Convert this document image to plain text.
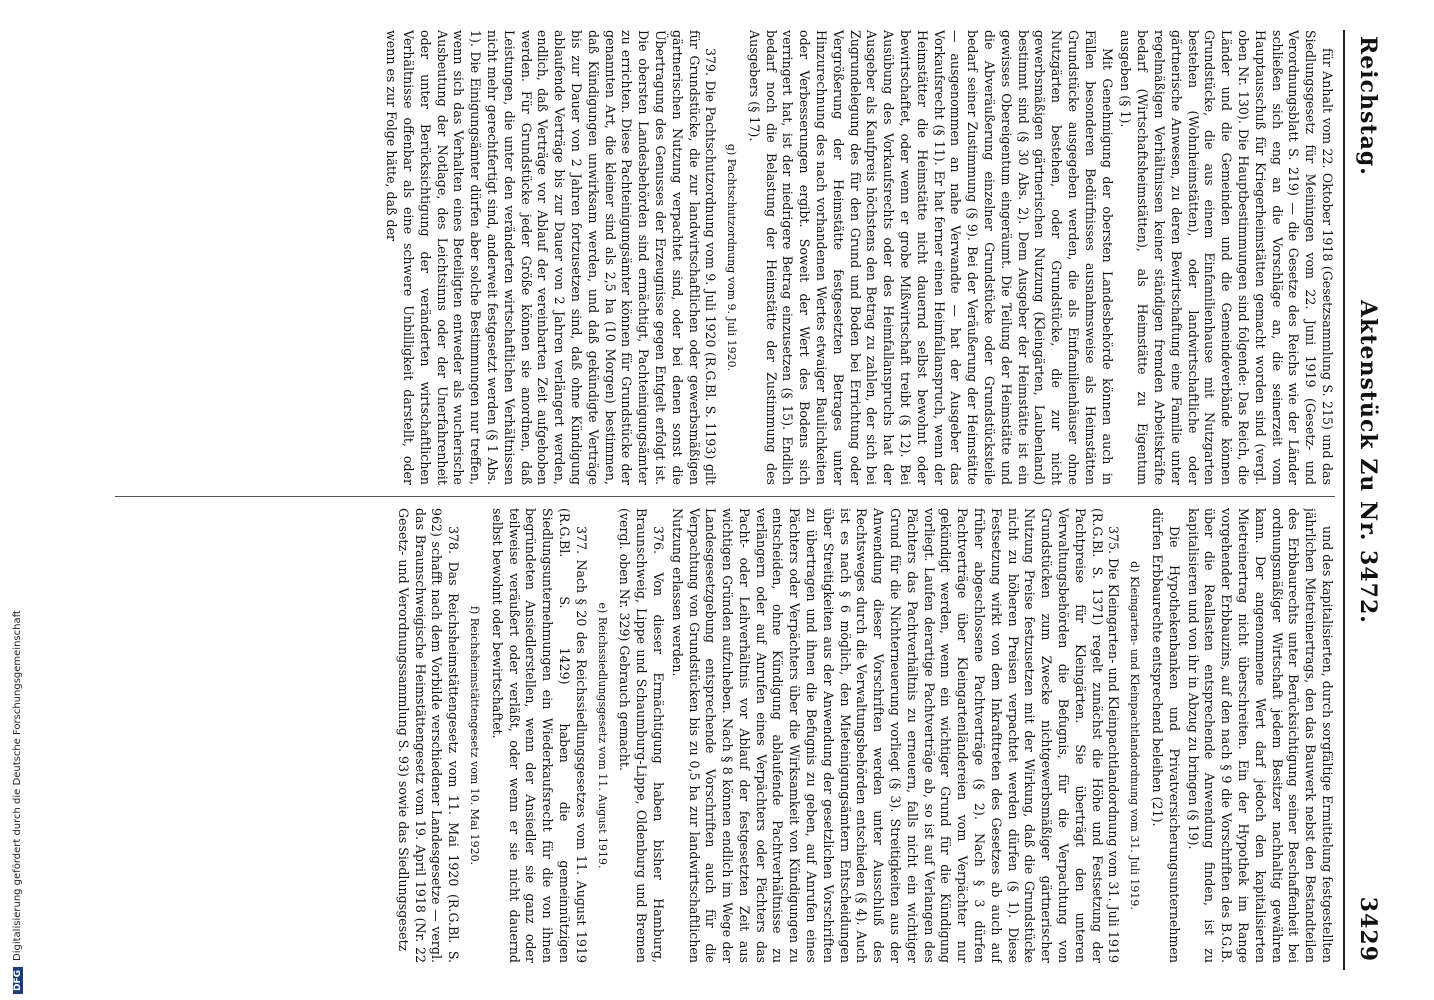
Reichstag.
Aktenstück Zu Nr. 3472.
3429

für Anhalt vom 22. Oktober 1918 (Gesetzsammlung S. 215) und das Siedlungsgesetz für Meiningen vom 22. Juni 1919 (Gesetz- und Verordnungsblatt S. 219) — die Gesetze des Reichs wie der Länder schließen sich eng an die Vorschläge an, die seinerzeit vom Hauptausschuß für Kriegerheimstätten gemacht worden sind (vergl. oben Nr. 130). Die Hauptbestimmungen sind folgende: Das Reich, die Länder und die Gemeinden und die Gemeindeverbände können Grundstücke, die aus einem Einfamilienhause mit Nutzgarten bestehen (Wohnheimstätten), oder landwirtschaftliche oder gärtnerische Anwesen, zu deren Bewirtschaftung eine Familie unter regelmäßigen Verhältnissen keiner ständigen fremden Arbeitskräfte bedarf (Wirtschaftsheimstätten), als Heimstätte zu Eigentum ausgeben (§ 1).

Mit Genehmigung der obersten Landesbehörde können auch in Fällen besonderen Bedürfnisses ausnahmsweise als Heimstätten Grundstücke ausgegeben werden, die als Einfamilienhäuser ohne Nutzgärten bestehen, oder Grundstücke, die zur nicht gewerbsmäßigen gärtnerischen Nutzung (Kleingärten, Laubenland) bestimmt sind (§ 30 Abs. 2). Dem Ausgeber der Heimstätte ist ein gewisses Obereigentum eingeräumt. Die Teilung der Heimstätte und die Abveräußerung einzelner Grundstücke oder Grundstücksteile bedarf seiner Zustimmung (§ 9). Bei der Veräußerung der Heimstätte — ausgenommen an nahe Verwandte — hat der Ausgeber das Vorkaufsrecht (§ 11). Er hat ferner einen Heimfallanspruch, wenn der Heimstätter die Heimstätte nicht dauernd selbst bewohnt oder bewirtschaftet, oder wenn er grobe Mißwirtschaft treibt (§ 12). Bei Ausübung des Vorkaufsrechts oder des Heimfallanspruchs hat der Ausgeber als Kaufpreis höchstens den Betrag zu zahlen, der sich bei Zugrundelegung des für den Grund und Boden bei Errichtung oder Vergrößerung der Heimstätte festgesetzten Betrages unter Hinzurechnung des nach vorhandenen Wertes etwaiger Baulichkeiten oder Verbesserungen ergibt. Soweit der Wert des Bodens sich verringert hat, ist der niedrigere Betrag einzusetzen (§ 15). Endlich bedarf noch die Belastung der Heimstätte der Zustimmung des Ausgebers (§ 17).

g) Pachtschutzordnung vom 9. Juli 1920.

379. Die Pachtschutzordnung vom 9. Juli 1920 (R.G.Bl. S. 1193) gilt für Grundstücke, die zur landwirtschaftlichen oder gewerbsmäßigen gärtnerischen Nutzung verpachtet sind, oder bei denen sonst die Übertragung des Genusses der Erzeugnisse gegen Entgelt erfolgt ist. Die obersten Landesbehörden sind ermächtigt, Pachteinigungsämter zu errichten. Diese Pachteinigungsämter können für Grundstücke der genannten Art, die kleiner sind als 2,5 ha (10 Morgen) bestimmen, daß Kündigungen unwirksam werden, und daß gekündigte Verträge bis zur Dauer von 2 Jahren fortzusetzen sind, daß ohne Kündigung ablaufende Verträge bis zur Dauer von 2 Jahren verlängert werden, endlich, daß Verträge vor Ablauf der vereinbarten Zeit aufgehoben werden. Für Grundstücke jeder Größe können sie anordnen, daß Leistungen, die unter den veränderten wirtschaftlichen Verhältnissen nicht mehr gerechtfertigt sind, anderweit festgesetzt werden (§ 1 Abs. 1). Die Einigungsämter dürfen aber solche Bestimmungen nur treffen, wenn sich das Verhalten eines Beteiligten entweder als wucherische Ausbeutung der Notlage, des Leichtsinns oder der Unerfahrenheit oder unter Berücksichtigung der veränderten wirtschaftlichen Verhältnisse offenbar als eine schwere Unbilligkeit darstellt, oder wenn es zur Folge hätte, daß der

und des kapitalisierten, durch sorgfältige Ermittelung festgestellten jährlichen Mietreinertrags, den das Bauwerk nebst den Bestandteilen des Erbbaurechts unter Berücksichtigung seiner Beschaffenheit bei ordnungsmäßiger Wirtschaft jedem Besitzer nachhaltig gewähren kann. Der angenommene Wert darf jedoch den kapitalisierten Mietreinertrag nicht überschreiten. Ein der Hypothek im Range vorgehender Erbbauzins, auf den nach § 9 die Vorschriften des B.G.B. über die Reallasten entsprechende Anwendung finden, ist zu kapitalisieren und von ihr in Abzug zu bringen (§ 19).

Die Hypothekenbanken und Privatversicherungsunternehmen dürfen Erbbaurechte entsprechend beleihen (21).

d) Kleingarten- und Kleinpachtlandordnung vom 31. Juli 1919.

375. Die Kleingarten- und Kleinpachtlandordnung vom 31. Juli 1919 (R.G.Bl. S. 1371) regelt zunächst die Höhe und Festsetzung der Pachtpreise für Kleingärten. Sie überträgt den unteren Verwaltungsbehörden die Befugnis, für die Verpachtung von Grundstücken zum Zwecke nichtgewerbsmäßiger gärtnerischer Nutzung Preise festzusetzen mit der Wirkung, daß die Grundstücke nicht zu höheren Preisen verpachtet werden dürfen (§ 1). Diese Festsetzung wirkt von dem Inkrafttreten des Gesetzes ab auch auf früher abgeschlossene Pachtverträge (§ 2). Nach § 3 dürfen Pachtverträge über Kleingartenländereien vom Verpächter nur gekündigt werden, wenn ein wichtiger Grund für die Kündigung vorliegt. Laufen derartige Pachtverträge ab, so ist auf Verlangen des Pächters das Pachtverhältnis zu erneuern, falls nicht ein wichtiger Grund für die Nichterneuerung vorliegt (§ 3). Streitigkeiten aus der Anwendung dieser Vorschriften werden unter Ausschluß des Rechtsweges durch die Verwaltungsbehörden entschieden (§ 4). Auch ist es nach § 6 möglich, den Mieteinigungsämtern Entscheidungen über Streitigkeiten aus der Anwendung der gesetzlichen Vorschriften zu übertragen und ihnen die Befugnis zu geben, auf Anrufen eines Pächters oder Verpächters über die Wirksamkeit von Kündigungen zu entscheiden, ohne Kündigung ablaufende Pachtverhältnisse zu verlängern oder auf Anrufen eines Verpächters oder Pächters das Pacht- oder Leihverhältnis vor Ablauf der festgesetzten Zeit aus wichtigen Gründen aufzuheben. Nach § 8 können endlich im Wege der Landesgesetzgebung entsprechende Vorschriften auch für die Verpachtung von Grundstücken bis zu 0,5 ha zur landwirtschaftlichen Nutzung erlassen werden.

376. Von dieser Ermächtigung haben bisher Hamburg, Braunschweig, Lippe und Schaumburg-Lippe, Oldenburg und Bremen (vergl. oben Nr. 329) Gebrauch gemacht.

e) Reichssiedlungsgesetz vom 11. August 1919.

377. Nach § 20 des Reichssiedlungsgesetzes vom 11. August 1919 (R.G.Bl. S. 1429) haben die gemeinnützigen Siedlungsunternehmungen ein Wiederkaufsrecht für die von ihnen begründeten Ansiedlerstellen, wenn der Ansiedler sie ganz oder teilweise veräußert oder verläßt, oder wenn er sie nicht dauernd selbst bewohnt oder bewirtschaftet.

f) Reichsheimstättengesetz vom 10. Mai 1920.

378. Das Reichsheimstättengesetz vom 11. Mai 1920 (R.G.Bl. S. 962) schafft nach dem Vorbilde verschiedener Landesgesetze — vergl. das Braunschweigische Heimstättengesetz vom 19. April 1918 (Nr. 22 Gesetz- und Verordnungssammlung S. 93) sowie das Siedlungsgesetz

DFGDigitalisierung gefördert durch die Deutsche Forschungsgemeinschaft
